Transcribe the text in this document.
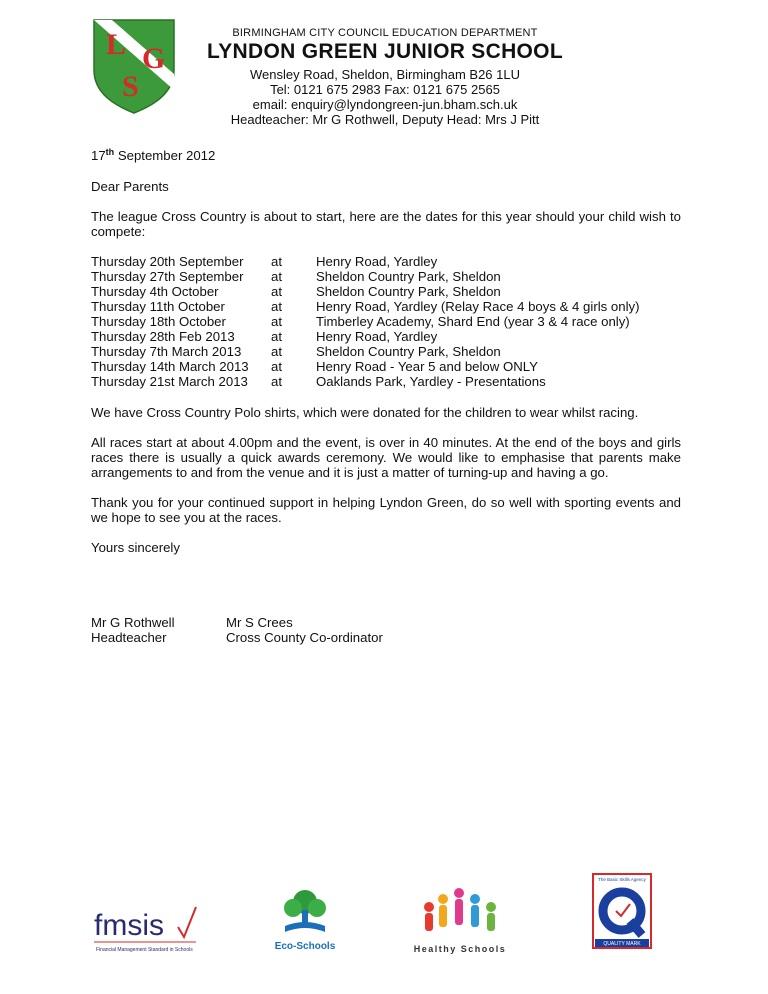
L G
S
BIRMINGHAM CITY COUNCIL EDUCATION DEPARTMENT
LYNDON GREEN JUNIOR SCHOOL
Wensley Road, Sheldon, Birmingham B26 1LU
Tel: 0121 675 2983 Fax: 0121 675 2565
email: enquiry@lyndongreen-jun.bham.sch.uk
Headteacher: Mr G Rothwell, Deputy Head: Mrs J Pitt
17th September 2012
Dear Parents
The league Cross Country is about to start, here are the dates for this year should your child wish to compete:
Thursday 20th September	at	Henry Road, Yardley
Thursday 27th September	at	Sheldon Country Park, Sheldon
Thursday 4th October	at	Sheldon Country Park, Sheldon
Thursday 11th October	at	Henry Road, Yardley (Relay Race 4 boys & 4 girls only)
Thursday 18th October	at	Timberley Academy, Shard End (year 3 & 4 race only)
Thursday 28th Feb 2013	at	Henry Road, Yardley
Thursday 7th March 2013	at	Sheldon Country Park, Sheldon
Thursday 14th March 2013	at	Henry Road - Year 5 and below ONLY
Thursday 21st March 2013	at	Oaklands Park, Yardley - Presentations
We have Cross Country Polo shirts, which were donated for the children to wear whilst racing.
All races start at about 4.00pm and the event, is over in 40 minutes. At the end of the boys and girls races there is usually a quick awards ceremony. We would like to emphasise that parents make arrangements to and from the venue and it is just a matter of turning-up and having a go.
Thank you for your continued support in helping Lyndon Green, do so well with sporting events and we hope to see you at the races.
Yours sincerely
Mr G Rothwell
Headteacher
Mr S Crees
Cross County Co-ordinator
fmsis
Financial Management Standard in Schools	Eco-Schools	Healthy Schools
The Basic Skills Agency
QUALITY MARK
